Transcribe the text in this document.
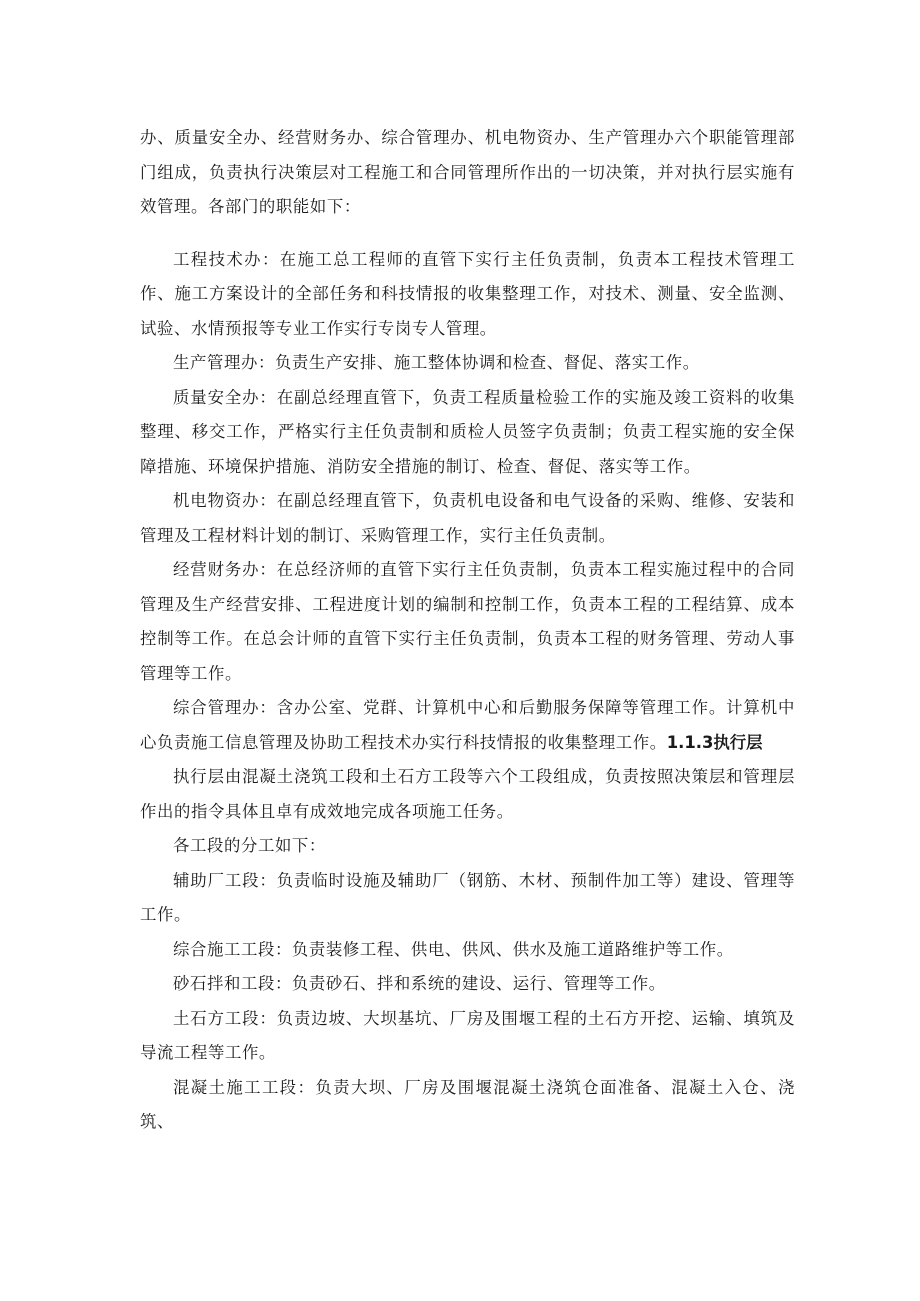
办、质量安全办、经营财务办、综合管理办、机电物资办、生产管理办六个职能管理部门组成，负责执行决策层对工程施工和合同管理所作出的一切决策，并对执行层实施有效管理。各部门的职能如下：

工程技术办：在施工总工程师的直管下实行主任负责制，负责本工程技术管理工作、施工方案设计的全部任务和科技情报的收集整理工作，对技术、测量、安全监测、试验、水情预报等专业工作实行专岗专人管理。

生产管理办：负责生产安排、施工整体协调和检查、督促、落实工作。

质量安全办：在副总经理直管下，负责工程质量检验工作的实施及竣工资料的收集整理、移交工作，严格实行主任负责制和质检人员签字负责制；负责工程实施的安全保障措施、环境保护措施、消防安全措施的制订、检查、督促、落实等工作。

机电物资办：在副总经理直管下，负责机电设备和电气设备的采购、维修、安装和管理及工程材料计划的制订、采购管理工作，实行主任负责制。

经营财务办：在总经济师的直管下实行主任负责制，负责本工程实施过程中的合同管理及生产经营安排、工程进度计划的编制和控制工作，负责本工程的工程结算、成本控制等工作。在总会计师的直管下实行主任负责制，负责本工程的财务管理、劳动人事管理等工作。

综合管理办：含办公室、党群、计算机中心和后勤服务保障等管理工作。计算机中心负责施工信息管理及协助工程技术办实行科技情报的收集整理工作。1.1.3执行层

执行层由混凝土浇筑工段和土石方工段等六个工段组成，负责按照决策层和管理层作出的指令具体且卓有成效地完成各项施工任务。

各工段的分工如下：

辅助厂工段：负责临时设施及辅助厂（钢筋、木材、预制件加工等）建设、管理等工作。

综合施工工段：负责装修工程、供电、供风、供水及施工道路维护等工作。

砂石拌和工段：负责砂石、拌和系统的建设、运行、管理等工作。

土石方工段：负责边坡、大坝基坑、厂房及围堰工程的土石方开挖、运输、填筑及导流工程等工作。

混凝土施工工段：负责大坝、厂房及围堰混凝土浇筑仓面准备、混凝土入仓、浇筑、
